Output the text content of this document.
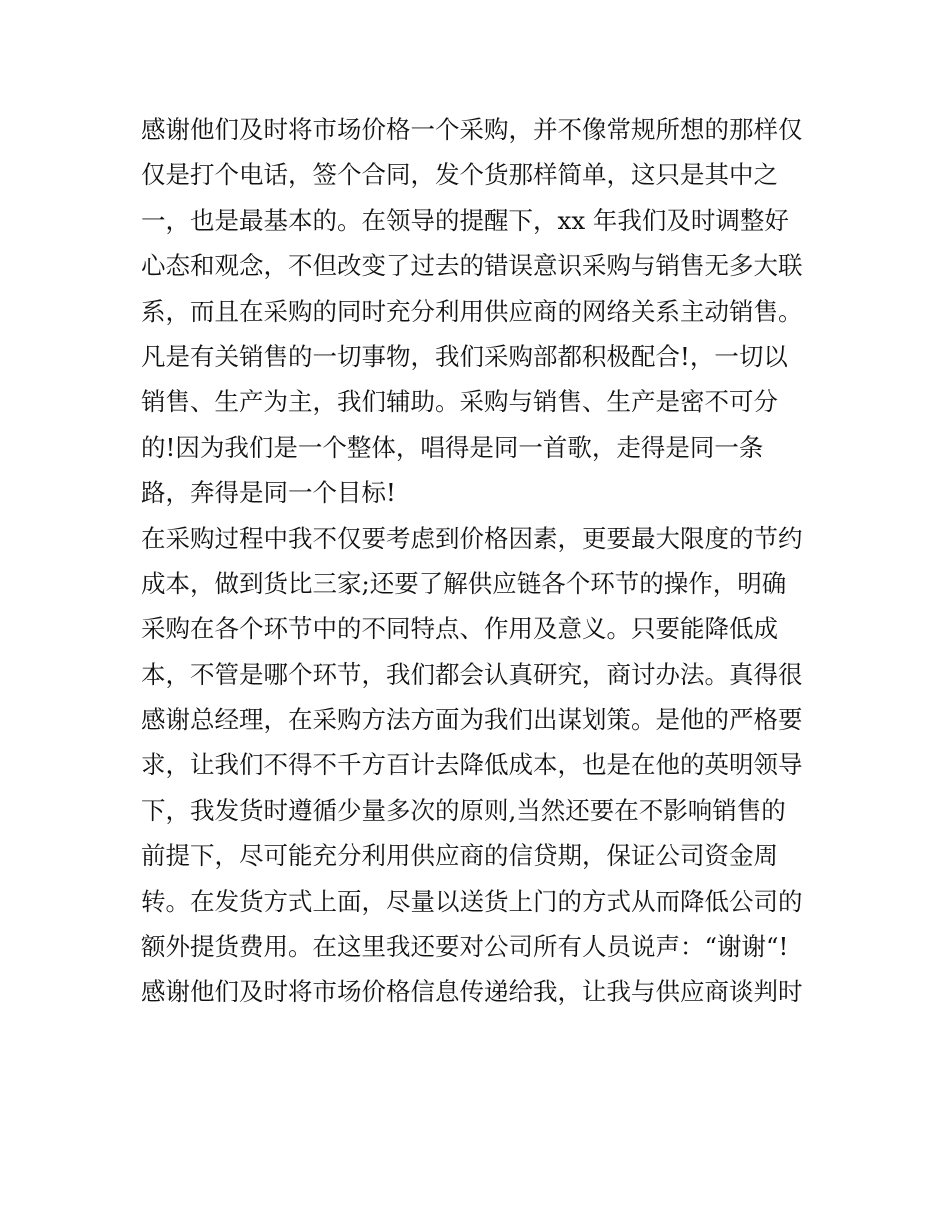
感谢他们及时将市场价格一个采购，并不像常规所想的那样仅
仅是打个电话，签个合同，发个货那样简单，这只是其中之
一，也是最基本的。在领导的提醒下，xx 年我们及时调整好
心态和观念，不但改变了过去的错误意识采购与销售无多大联
系，而且在采购的同时充分利用供应商的网络关系主动销售。
凡是有关销售的一切事物，我们采购部都积极配合!，一切以
销售、生产为主，我们辅助。采购与销售、生产是密不可分
的!因为我们是一个整体，唱得是同一首歌，走得是同一条
路，奔得是同一个目标!
在采购过程中我不仅要考虑到价格因素，更要最大限度的节约
成本，做到货比三家;还要了解供应链各个环节的操作，明确
采购在各个环节中的不同特点、作用及意义。只要能降低成
本，不管是哪个环节，我们都会认真研究，商讨办法。真得很
感谢总经理，在采购方法方面为我们出谋划策。是他的严格要
求，让我们不得不千方百计去降低成本，也是在他的英明领导
下，我发货时遵循少量多次的原则,当然还要在不影响销售的
前提下，尽可能充分利用供应商的信贷期，保证公司资金周
转。在发货方式上面，尽量以送货上门的方式从而降低公司的
额外提货费用。在这里我还要对公司所有人员说声：“谢谢“!
感谢他们及时将市场价格信息传递给我，让我与供应商谈判时
